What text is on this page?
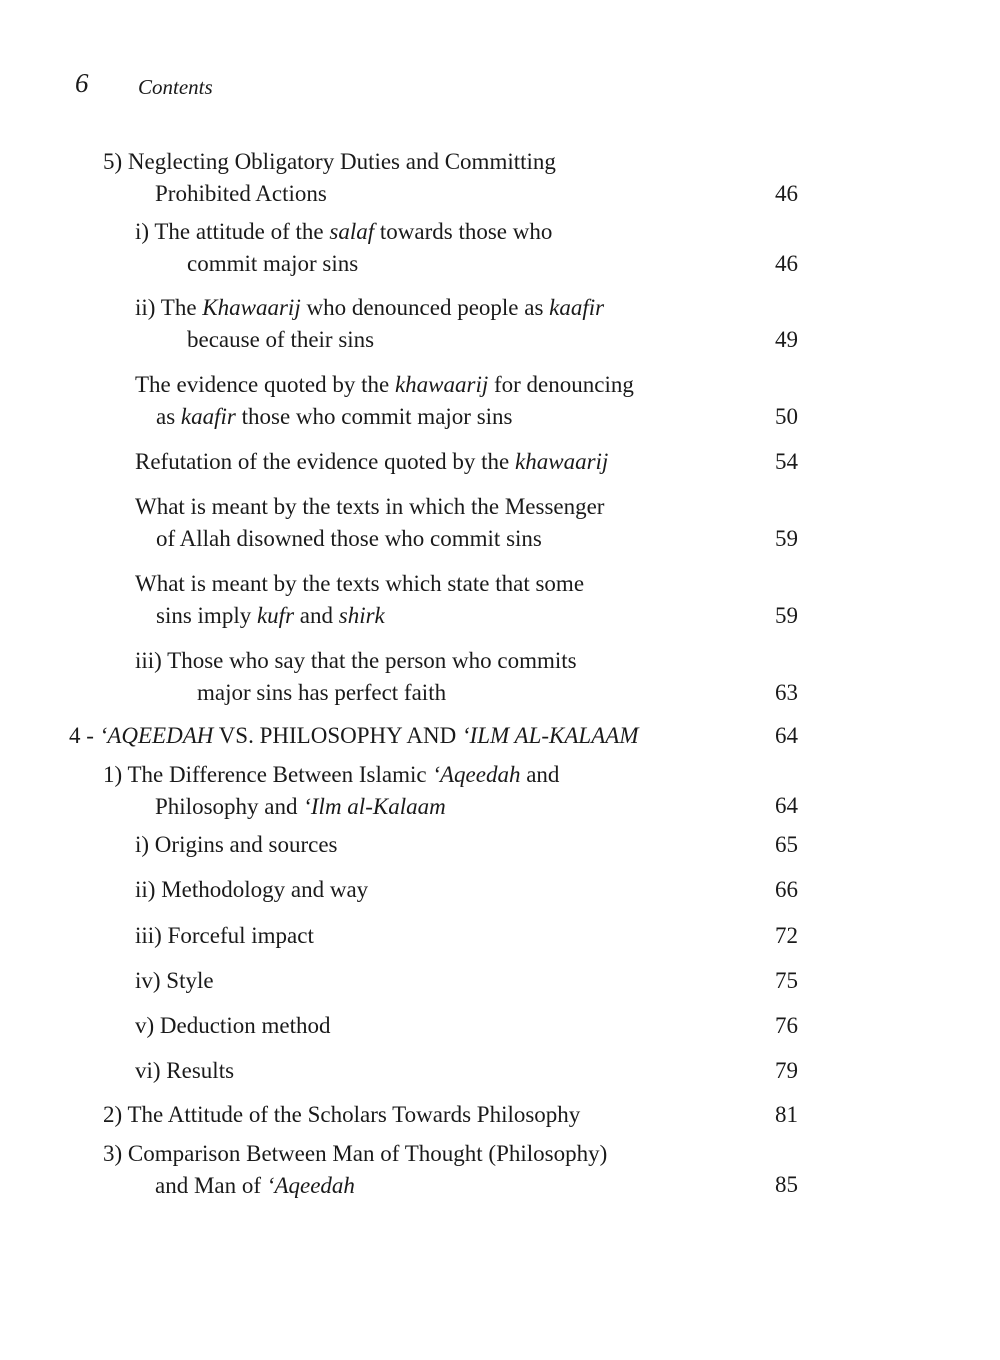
6 Contents
5) Neglecting Obligatory Duties and Committing
Prohibited Actions	46
i) The attitude of the salaf towards those who
commit major sins	46
ii) The Khawaarij who denounced people as kaafir
because of their sins	49
The evidence quoted by the khawaarij for denouncing
as kaafir those who commit major sins	50
Refutation of the evidence quoted by the khawaarij	54
What is meant by the texts in which the Messenger
of Allah disowned those who commit sins	59
What is meant by the texts which state that some
sins imply kufr and shirk	59
iii) Those who say that the person who commits
major sins has perfect faith	63
4 - ‘AQEEDAH VS. PHILOSOPHY AND ‘ILM AL-KALAAM	64
1) The Difference Between Islamic ‘Aqeedah and
Philosophy and ‘Ilm al-Kalaam	64
i) Origins and sources	65
ii) Methodology and way	66
iii) Forceful impact	72
iv) Style	75
v) Deduction method	76
vi) Results	79
2) The Attitude of the Scholars Towards Philosophy	81
3) Comparison Between Man of Thought (Philosophy)
and Man of ‘Aqeedah	85
